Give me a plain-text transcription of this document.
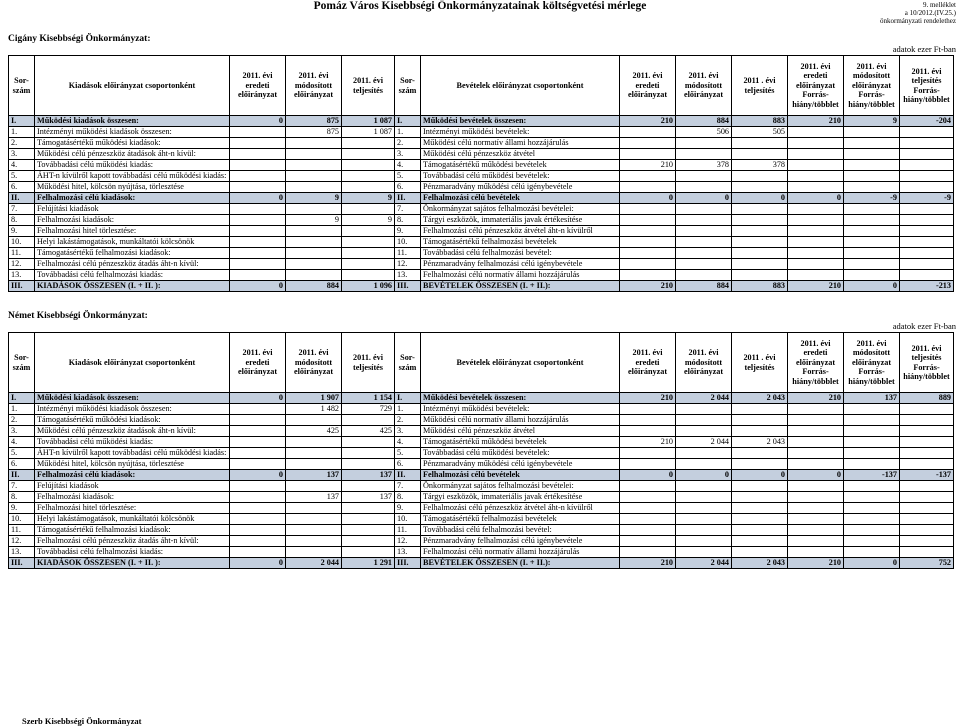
Pomáz Város Kisebbségi Önkormányzatainak költségvetési mérlege	9. melléklet
a 10/2012.(IV.25.)
önkormányzati rendelethez
Cigány Kisebbségi Önkormányzat:
adatok ezer Ft-ban
Sor-szám	Kiadások előirányzat csoportonként	2011. évi eredeti előirányzat	2011. évi módosított előirányzat	2011. évi teljesítés	Sor-szám	Bevételek előirányzat csoportonként	2011. évi eredeti előirányzat	2011. évi módosított előirányzat	2011 . évi teljesítés	2011. évi eredeti előirányzat Forrás-hiány/többlet	2011. évi módosított előirányzat Forrás-hiány/többlet	2011. évi teljesítés Forrás-hiány/többlet
I.	Működési kiadások összesen:	0	875	1 087	I.	Működési bevételek összesen:	210	884	883	210	9	-204
1.	Intézményi működési kiadások összesen:		875	1 087	1.	Intézményi működési bevételek:		506	505			
2.	Támogatásértékű működési kiadások:				2.	Működési célú normatív állami hozzájárulás						
3.	Működési célú pénzeszköz átadások áht-n kívül:				3.	Működési célú pénzeszköz átvétel						
4.	Továbbadási célú működési kiadás:				4.	Támogatásértékű működési bevételek	210	378	378			
5.	ÁHT-n kívülről kapott továbbadási célú működési kiadás:				5.	Továbbadási célú működési bevételek:						
6.	Működési hitel, kölcsön nyújtása, törlesztése				6.	Pénzmaradvány működési célú igénybevétele						
II.	Felhalmozási célú kiadások:	0	9	9	II.	Felhalmozási célú bevételek	0	0	0	0	-9	-9
7.	Felújítási kiadások				7.	Önkormányzat sajátos felhalmozási bevételei:						
8.	Felhalmozási kiadások:		9	9	8.	Tárgyi eszközök, immateriális javak értékesítése						
9.	Felhalmozási hitel törlesztése:				9.	Felhalmozási célú pénzeszköz átvétel áht-n kívülről						
10.	Helyi lakástámogatások, munkáltatói kölcsönök				10.	Támogatásértékű felhalmozási bevételek						
11.	Támogatásértékű felhalmozási kiadások:				11.	Továbbadási célú felhalmozási bevétel:						
12.	Felhalmozási célú pénzeszköz átadás áht-n kívül:				12.	Pénzmaradvány felhalmozási célú igénybevétele						
13.	Továbbadási célú felhalmozási kiadás:				13.	Felhalmozási célú normatív állami hozzájárulás						
III.	KIADÁSOK ÖSSZESEN (I. + II. ):	0	884	1 096	III.	BEVÉTELEK ÖSSZESEN (I. + II.):	210	884	883	210	0	-213
Német Kisebbségi Önkormányzat:
adatok ezer Ft-ban
Sor-szám	Kiadások előirányzat csoportonként	2011. évi eredeti előirányzat	2011. évi módosított előirányzat	2011. évi teljesítés	Sor-szám	Bevételek előirányzat csoportonként	2011. évi eredeti előirányzat	2011. évi módosított előirányzat	2011 . évi teljesítés	2011. évi eredeti előirányzat Forrás-hiány/többlet	2011. évi módosított előirányzat Forrás-hiány/többlet	2011. évi teljesítés Forrás-hiány/többlet
I.	Működési kiadások összesen:	0	1 907	1 154	I.	Működési bevételek összesen:	210	2 044	2 043	210	137	889
1.	Intézményi működési kiadások összesen:		1 482	729	1.	Intézményi működési bevételek:						
2.	Támogatásértékű működési kiadások:				2.	Működési célú normatív állami hozzájárulás						
3.	Működési célú pénzeszköz átadások áht-n kívül:		425	425	3.	Működési célú pénzeszköz átvétel						
4.	Továbbadási célú működési kiadás:				4.	Támogatásértékű működési bevételek	210	2 044	2 043			
5.	ÁHT-n kívülről kapott továbbadási célú működési kiadás:				5.	Továbbadási célú működési bevételek:						
6.	Működési hitel, kölcsön nyújtása, törlesztése				6.	Pénzmaradvány működési célú igénybevétele						
II.	Felhalmozási célú kiadások:	0	137	137	II.	Felhalmozási célú bevételek	0	0	0	0	-137	-137
7.	Felújítási kiadások				7.	Önkormányzat sajátos felhalmozási bevételei:						
8.	Felhalmozási kiadások:		137	137	8.	Tárgyi eszközök, immateriális javak értékesítése						
9.	Felhalmozási hitel törlesztése:				9.	Felhalmozási célú pénzeszköz átvétel áht-n kívülről						
10.	Helyi lakástámogatások, munkáltatói kölcsönök				10.	Támogatásértékű felhalmozási bevételek						
11.	Támogatásértékű felhalmozási kiadások:				11.	Továbbadási célú felhalmozási bevétel:						
12.	Felhalmozási célú pénzeszköz átadás áht-n kívül:				12.	Pénzmaradvány felhalmozási célú igénybevétele						
13.	Továbbadási célú felhalmozási kiadás:				13.	Felhalmozási célú normatív állami hozzájárulás						
III.	KIADÁSOK ÖSSZESEN (I. + II. ):	0	2 044	1 291	III.	BEVÉTELEK ÖSSZESEN (I. + II.):	210	2 044	2 043	210	0	752
Szerb Kisebbségi Önkormányzat
